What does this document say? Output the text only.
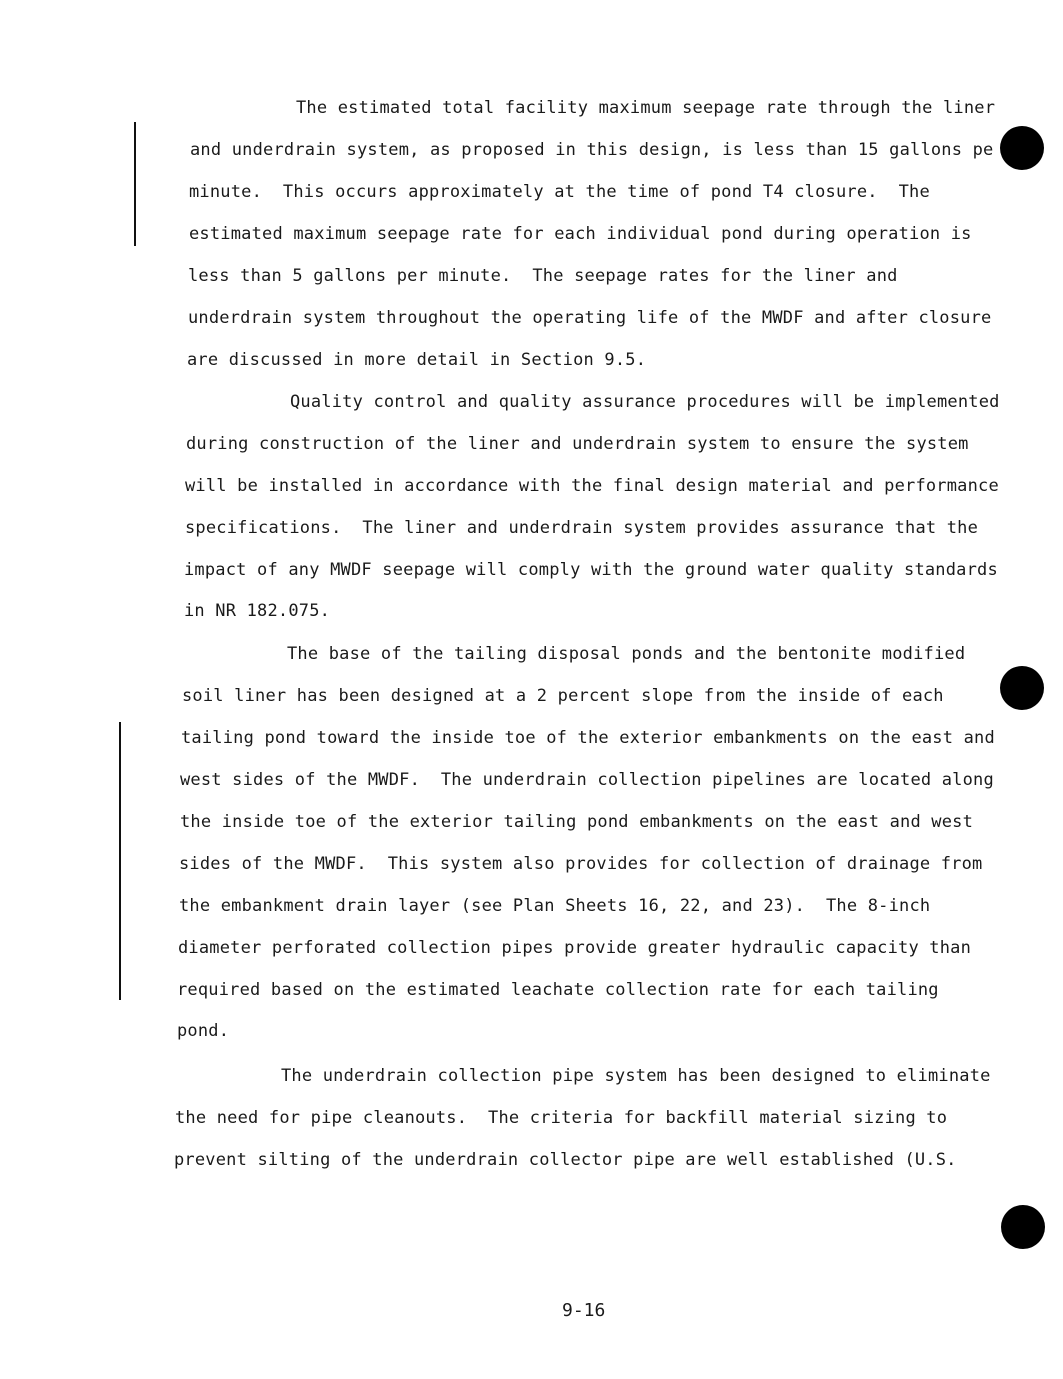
The estimated total facility maximum seepage rate through the liner
and underdrain system, as proposed in this design, is less than 15 gallons pe
minute.  This occurs approximately at the time of pond T4 closure.  The
estimated maximum seepage rate for each individual pond during operation is
less than 5 gallons per minute.  The seepage rates for the liner and
underdrain system throughout the operating life of the MWDF and after closure
are discussed in more detail in Section 9.5.
Quality control and quality assurance procedures will be implemented
during construction of the liner and underdrain system to ensure the system
will be installed in accordance with the final design material and performance
specifications.  The liner and underdrain system provides assurance that the
impact of any MWDF seepage will comply with the ground water quality standards
in NR 182.075.
The base of the tailing disposal ponds and the bentonite modified
soil liner has been designed at a 2 percent slope from the inside of each
tailing pond toward the inside toe of the exterior embankments on the east and
west sides of the MWDF.  The underdrain collection pipelines are located along
the inside toe of the exterior tailing pond embankments on the east and west
sides of the MWDF.  This system also provides for collection of drainage from
the embankment drain layer (see Plan Sheets 16, 22, and 23).  The 8-inch
diameter perforated collection pipes provide greater hydraulic capacity than
required based on the estimated leachate collection rate for each tailing
pond.
The underdrain collection pipe system has been designed to eliminate
the need for pipe cleanouts.  The criteria for backfill material sizing to
prevent silting of the underdrain collector pipe are well established (U.S.
9-16
